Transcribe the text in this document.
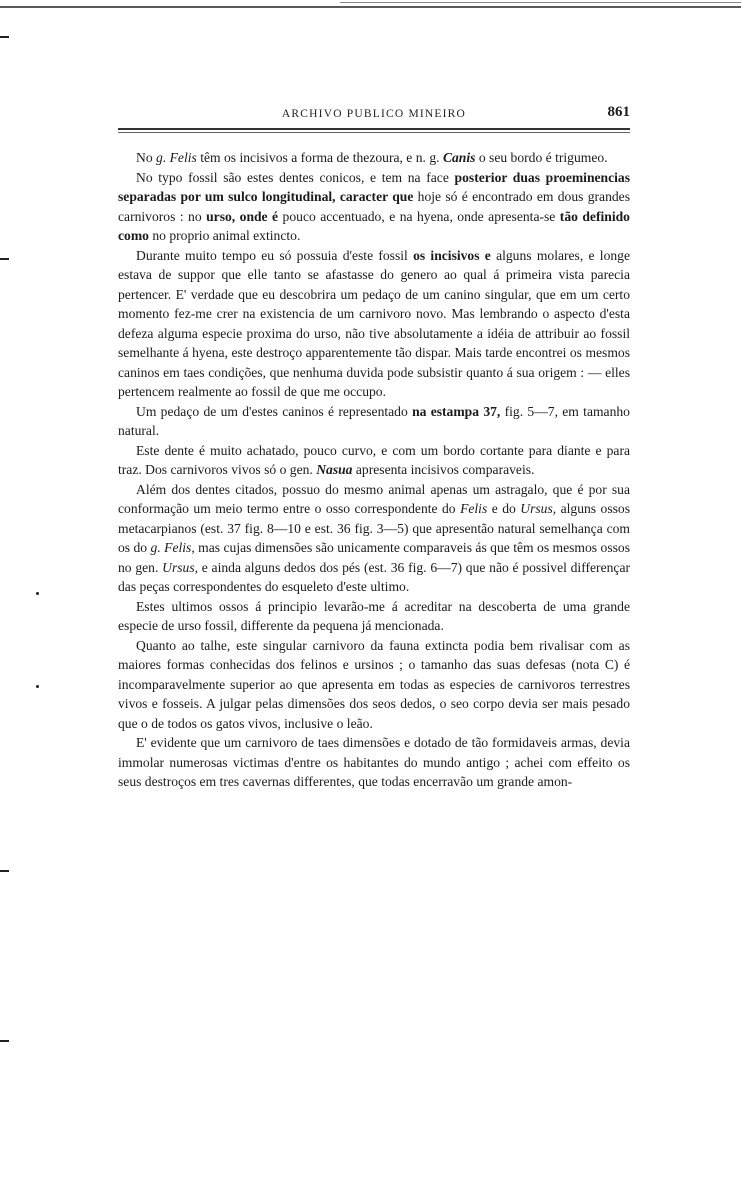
ARCHIVO PUBLICO MINEIRO	861

No g. Felis têm os incisivos a forma de thezoura, e n. g. Canis o seu bordo é trigumeo.

No typo fossil são estes dentes conicos, e tem na face posterior duas proeminencias separadas por um sulco longitudinal, caracter que hoje só é encontrado em dous grandes carnivoros : no urso, onde é pouco accentuado, e na hyena, onde apresenta-se tão definido como no proprio animal extincto.

Durante muito tempo eu só possuia d'este fossil os incisivos e alguns molares, e longe estava de suppor que elle tanto se afastasse do genero ao qual á primeira vista parecia pertencer. E' verdade que eu descobrira um pedaço de um canino singular, que em um certo momento fez-me crer na existencia de um carnivoro novo. Mas lembrando o aspecto d'esta defeza alguma especie proxima do urso, não tive absolutamente a idéia de attribuir ao fossil semelhante á hyena, este destroço apparentemente tão dispar. Mais tarde encontrei os mesmos caninos em taes condições, que nenhuma duvida pode subsistir quanto á sua origem : — elles pertencem realmente ao fossil de que me occupo.

Um pedaço de um d'estes caninos é representado na estampa 37, fig. 5—7, em tamanho natural.

Este dente é muito achatado, pouco curvo, e com um bordo cortante para diante e para traz. Dos carnivoros vivos só o gen. Nasua apresenta incisivos comparaveis.

Além dos dentes citados, possuo do mesmo animal apenas um astragalo, que é por sua conformação um meio termo entre o osso correspondente do Felis e do Ursus, alguns ossos metacarpianos (est. 37 fig. 8—10 e est. 36 fig. 3—5) que apresentão natural semelhança com os do g. Felis, mas cujas dimensões são unicamente comparaveis ás que têm os mesmos ossos no gen. Ursus, e ainda alguns dedos dos pés (est. 36 fig. 6—7) que não é possivel differençar das peças correspondentes do esqueleto d'este ultimo.

Estes ultimos ossos á principio levarão-me á acreditar na descoberta de uma grande especie de urso fossil, differente da pequena já mencionada.

Quanto ao talhe, este singular carnivoro da fauna extincta podia bem rivalisar com as maiores formas conhecidas dos felinos e ursinos ; o tamanho das suas defesas (nota C) é incomparavelmente superior ao que apresenta em todas as especies de carnivoros terrestres vivos e fosseis. A julgar pelas dimensões dos seos dedos, o seo corpo devia ser mais pesado que o de todos os gatos vivos, inclusive o leão.

E' evidente que um carnivoro de taes dimensões e dotado de tão formidaveis armas, devia immolar numerosas victimas d'entre os habitantes do mundo antigo ; achei com effeito os seus destroços em tres cavernas differentes, que todas encerravão um grande amon-
